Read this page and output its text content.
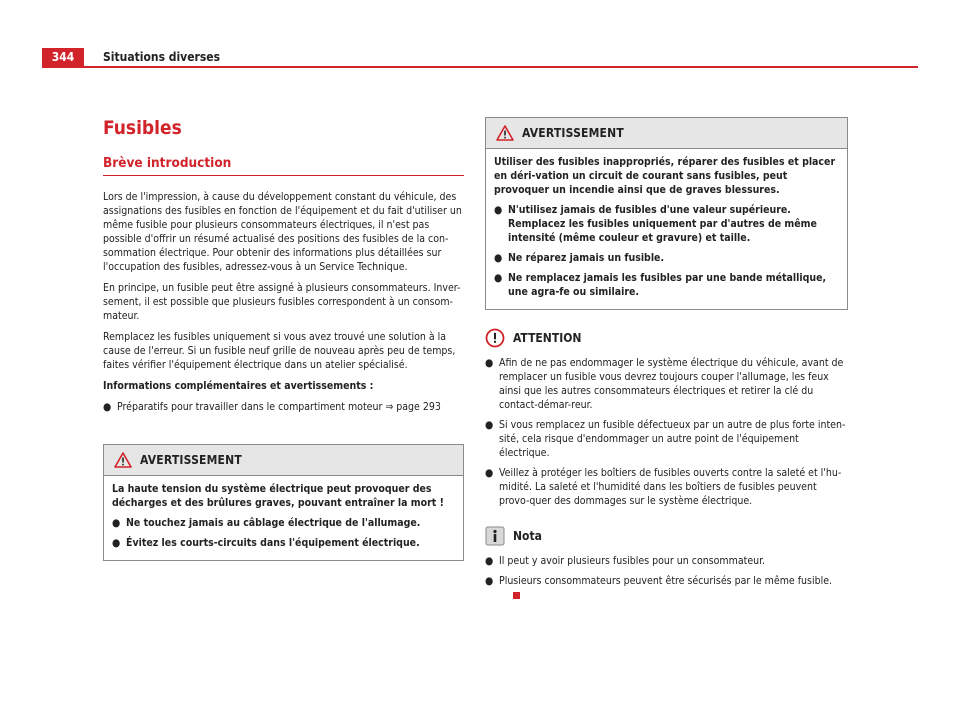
344	Situations diverses
Fusibles
Brève introduction

Lors de l'impression, à cause du développement constant du véhicule, des assignations des fusibles en fonction de l'équipement et du fait d'utiliser un même fusible pour plusieurs consommateurs électriques, il n'est pas possible d'offrir un résumé actualisé des positions des fusibles de la con-sommation électrique. Pour obtenir des informations plus détaillées sur l'occupation des fusibles, adressez-vous à un Service Technique.

En principe, un fusible peut être assigné à plusieurs consommateurs. Inver-sement, il est possible que plusieurs fusibles correspondent à un consom-mateur.

Remplacez les fusibles uniquement si vous avez trouvé une solution à la cause de l'erreur. Si un fusible neuf grille de nouveau après peu de temps, faites vérifier l'équipement électrique dans un atelier spécialisé.

Informations complémentaires et avertissements :

● Préparatifs pour travailler dans le compartiment moteur ⇒ page 293
AVERTISSEMENT

La haute tension du système électrique peut provoquer des décharges et des brûlures graves, pouvant entraîner la mort !

● Ne touchez jamais au câblage électrique de l'allumage.
● Évitez les courts-circuits dans l'équipement électrique.
AVERTISSEMENT

Utiliser des fusibles inappropriés, réparer des fusibles et placer en déri-vation un circuit de courant sans fusibles, peut provoquer un incendie ainsi que de graves blessures.

● N'utilisez jamais de fusibles d'une valeur supérieure. Remplacez les fusibles uniquement par d'autres de même intensité (même couleur et gravure) et taille.
● Ne réparez jamais un fusible.
● Ne remplacez jamais les fusibles par une bande métallique, une agra-fe ou similaire.
ATTENTION
● Afin de ne pas endommager le système électrique du véhicule, avant de remplacer un fusible vous devrez toujours couper l'allumage, les feux ainsi que les autres consommateurs électriques et retirer la clé du contact-démar-reur.
● Si vous remplacez un fusible défectueux par un autre de plus forte inten-sité, cela risque d'endommager un autre point de l'équipement électrique.
● Veillez à protéger les boîtiers de fusibles ouverts contre la saleté et l'hu-midité. La saleté et l'humidité dans les boîtiers de fusibles peuvent provo-quer des dommages sur le système électrique.
Nota
● Il peut y avoir plusieurs fusibles pour un consommateur.
● Plusieurs consommateurs peuvent être sécurisés par le même fusible.
